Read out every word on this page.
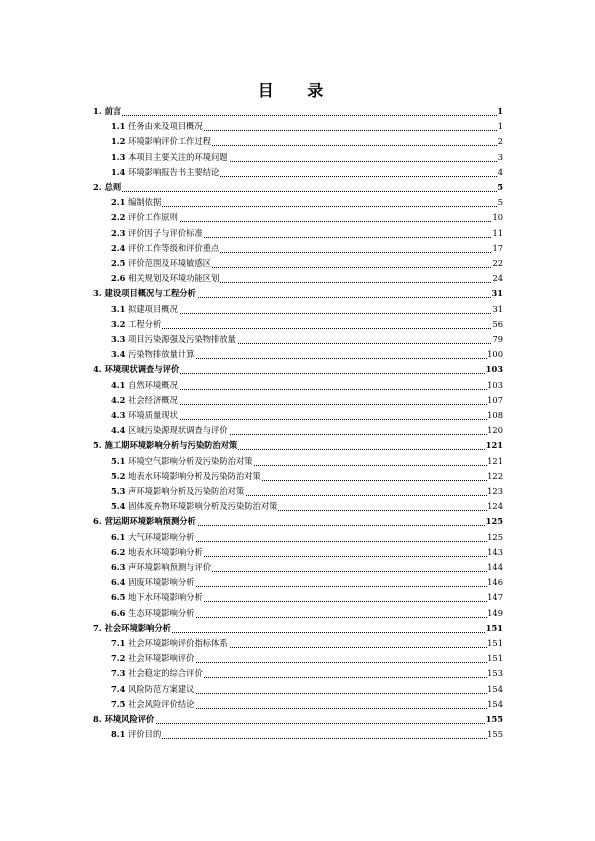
目 录
1. 前言	1
1.1 任务由来及项目概况	1
1.2 环境影响评价工作过程	2
1.3 本项目主要关注的环境问题	3
1.4 环境影响报告书主要结论	4
2. 总则	5
2.1 编制依据	5
2.2 评价工作原则	10
2.3 评价因子与评价标准	11
2.4 评价工作等级和评价重点	17
2.5 评价范围及环境敏感区	22
2.6 相关规划及环境功能区划	24
3. 建设项目概况与工程分析	31
3.1 拟建项目概况	31
3.2 工程分析	56
3.3 项目污染源强及污染物排放量	79
3.4 污染物排放量计算	100
4. 环境现状调查与评价	103
4.1 自然环境概况	103
4.2 社会经济概况	107
4.3 环境质量现状	108
4.4 区域污染源现状调查与评价	120
5. 施工期环境影响分析与污染防治对策	121
5.1 环境空气影响分析及污染防治对策	121
5.2 地表水环境影响分析及污染防治对策	122
5.3 声环境影响分析及污染防治对策	123
5.4 固体废弃物环境影响分析及污染防治对策	124
6. 营运期环境影响预测分析	125
6.1 大气环境影响分析	125
6.2 地表水环境影响分析	143
6.3 声环境影响预测与评价	144
6.4 固废环境影响分析	146
6.5 地下水环境影响分析	147
6.6 生态环境影响分析	149
7. 社会环境影响分析	151
7.1 社会环境影响评价指标体系	151
7.2 社会环境影响评价	151
7.3 社会稳定的综合评价	153
7.4 风险防范方案建议	154
7.5 社会风险评价结论	154
8. 环境风险评价	155
8.1 评价目的	155
